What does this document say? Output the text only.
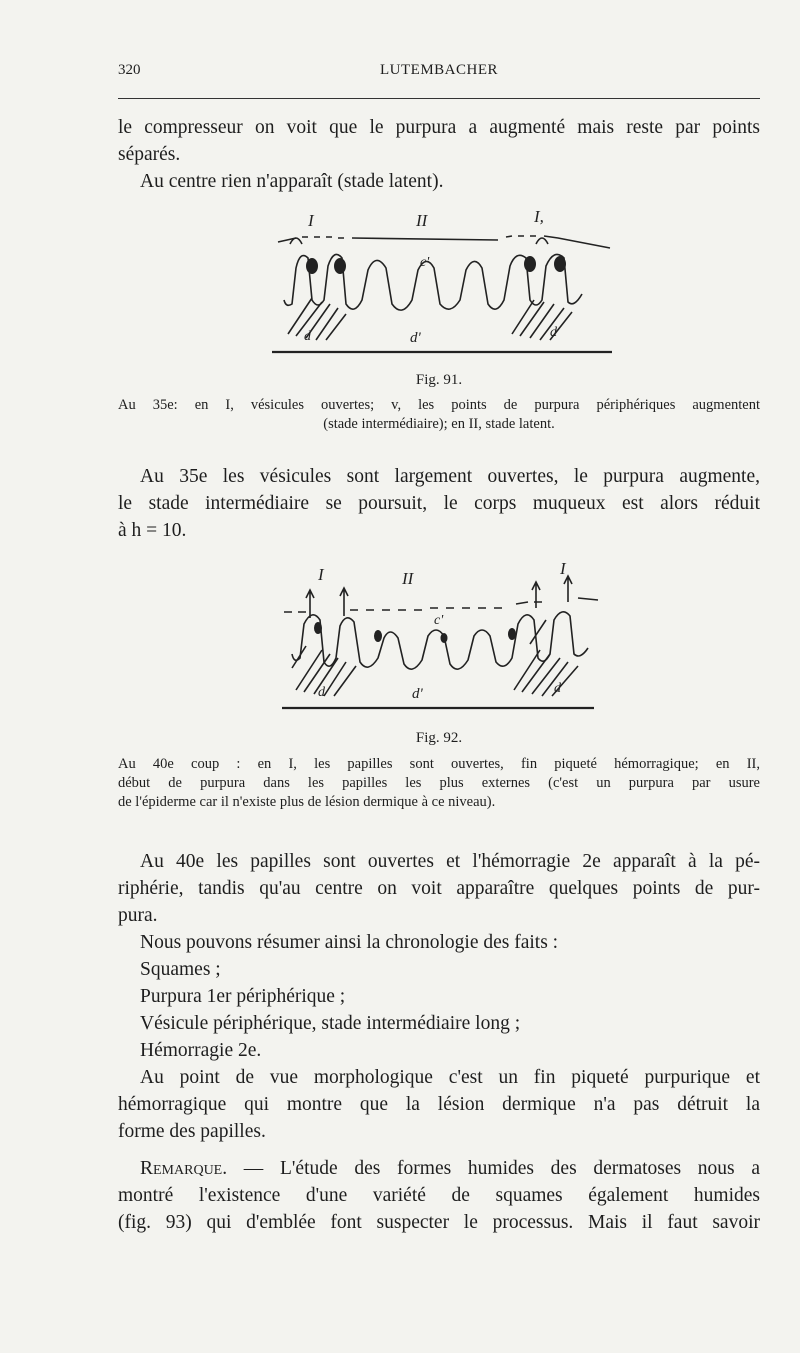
320	LUTEMBACHER
le compresseur on voit que le purpura a augmenté mais reste par points
séparés.
Au centre rien n'apparaît (stade latent).
I	II	I,
c'
d	d'	d
Fig. 91.
Au 35e: en I, vésicules ouvertes; v, les points de purpura périphériques augmentent
(stade intermédiaire); en II, stade latent.
Au 35e les vésicules sont largement ouvertes, le purpura augmente,
le stade intermédiaire se poursuit, le corps muqueux est alors réduit
à h = 10.
I	II
I
c'
d	d'	d
Fig. 92.
Au 40e coup : en I, les papilles sont ouvertes, fin piqueté hémorragique; en II,
début de purpura dans les papilles les plus externes (c'est un purpura par usure
de l'épiderme car il n'existe plus de lésion dermique à ce niveau).
Au 40e les papilles sont ouvertes et l'hémorragie 2e apparaît à la pé-
riphérie, tandis qu'au centre on voit apparaître quelques points de pur-
pura.
Nous pouvons résumer ainsi la chronologie des faits :
Squames ;
Purpura 1er périphérique ;
Vésicule périphérique, stade intermédiaire long ;
Hémorragie 2e.
Au point de vue morphologique c'est un fin piqueté purpurique et
hémorragique qui montre que la lésion dermique n'a pas détruit la
forme des papilles.
Remarque. — L'étude des formes humides des dermatoses nous a
montré l'existence d'une variété de squames également humides
(fig. 93) qui d'emblée font suspecter le processus. Mais il faut savoir
